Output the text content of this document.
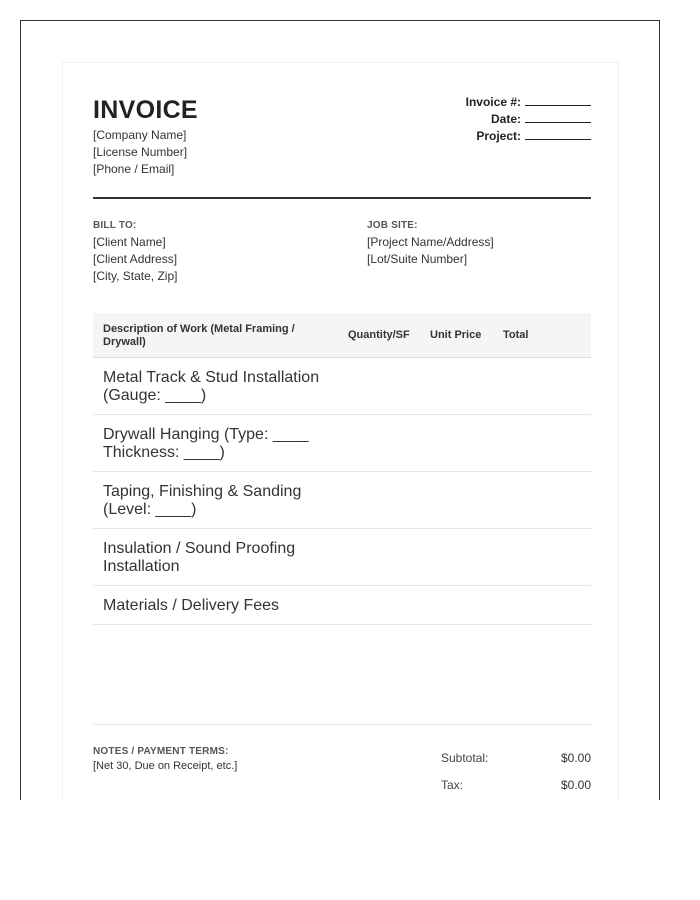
INVOICE
[Company Name]
[License Number]
[Phone / Email]
Invoice #:
Date:
Project:
BILL TO:
[Client Name]
[Client Address]
[City, State, Zip]
JOB SITE:
[Project Name/Address]
[Lot/Suite Number]
Description of Work (Metal Framing / Drywall)
Quantity/SF Unit Price Total
Metal Track & Stud Installation (Gauge: ____)
Drywall Hanging (Type: ____ Thickness: ____)
Taping, Finishing & Sanding (Level: ____)
Insulation / Sound Proofing Installation
Materials / Delivery Fees
NOTES / PAYMENT TERMS:
[Net 30, Due on Receipt, etc.]
Subtotal:	$0.00
Tax:	$0.00
